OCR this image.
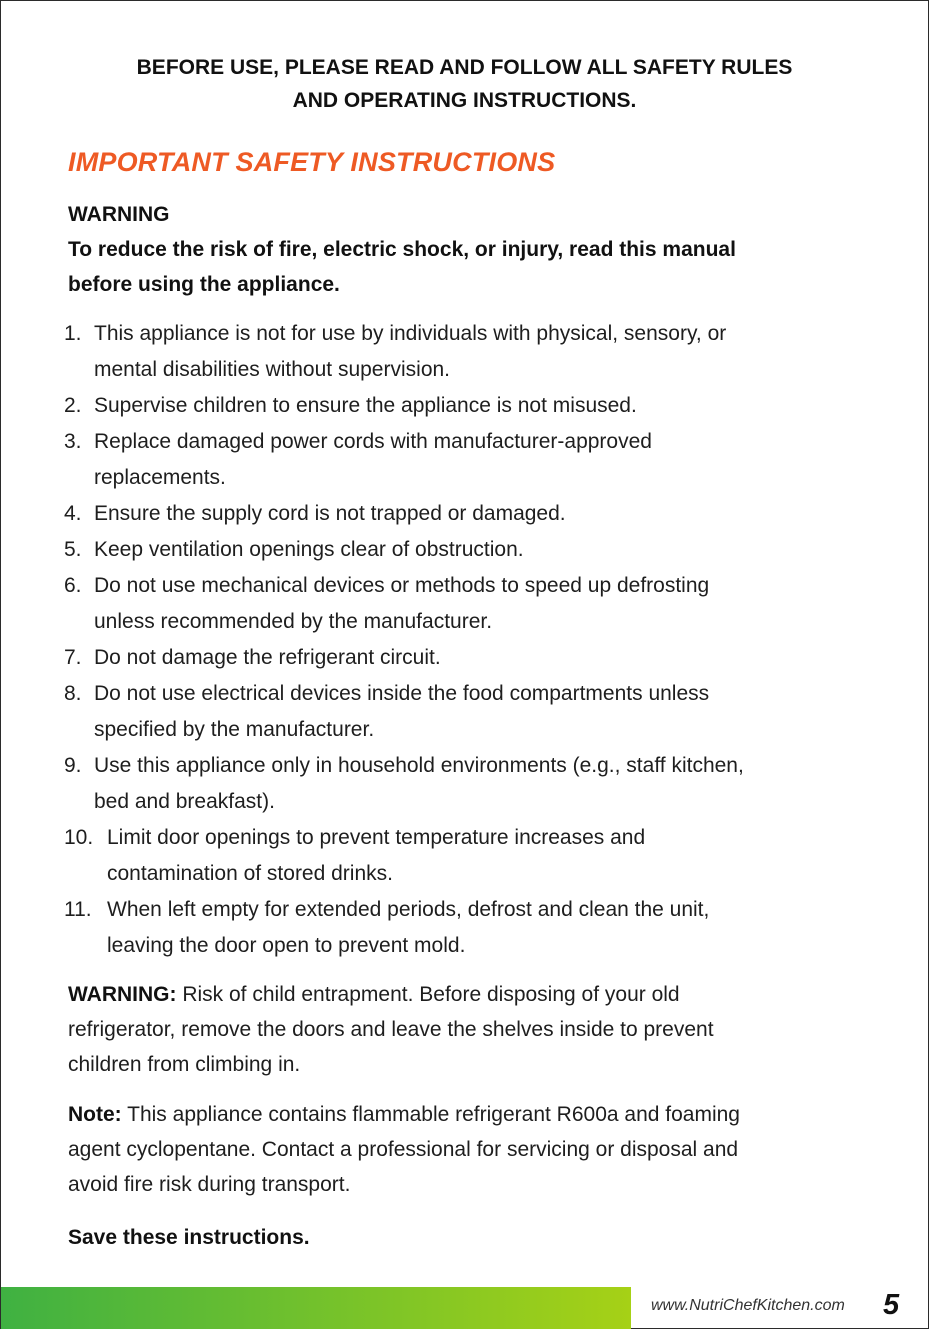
BEFORE USE, PLEASE READ AND FOLLOW ALL SAFETY RULES
AND OPERATING INSTRUCTIONS.
IMPORTANT SAFETY INSTRUCTIONS
WARNING
To reduce the risk of fire, electric shock, or injury, read this manual
before using the appliance.
1. This appliance is not for use by individuals with physical, sensory, or
mental disabilities without supervision.
2. Supervise children to ensure the appliance is not misused.
3. Replace damaged power cords with manufacturer-approved
replacements.
4. Ensure the supply cord is not trapped or damaged.
5. Keep ventilation openings clear of obstruction.
6. Do not use mechanical devices or methods to speed up defrosting
unless recommended by the manufacturer.
7. Do not damage the refrigerant circuit.
8. Do not use electrical devices inside the food compartments unless
specified by the manufacturer.
9. Use this appliance only in household environments (e.g., staff kitchen,
bed and breakfast).
10. Limit door openings to prevent temperature increases and
contamination of stored drinks.
11. When left empty for extended periods, defrost and clean the unit,
leaving the door open to prevent mold.

WARNING: Risk of child entrapment. Before disposing of your old
refrigerator, remove the doors and leave the shelves inside to prevent
children from climbing in.

Note: This appliance contains flammable refrigerant R600a and foaming
agent cyclopentane. Contact a professional for servicing or disposal and
avoid fire risk during transport.

Save these instructions.

www.NutriChefKitchen.com 5
